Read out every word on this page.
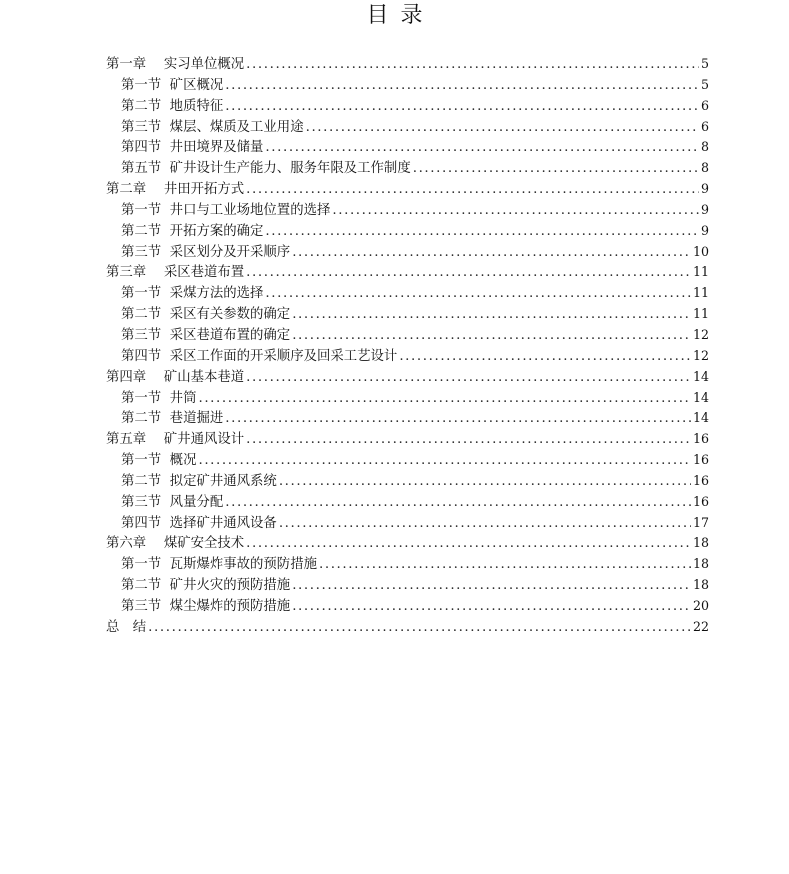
目录
第一章　 实习单位概况 .....	5
第一节  矿区概况 .....	5
第二节  地质特征 .....	6
第三节  煤层、煤质及工业用途 .....	6
第四节  井田境界及储量 .....	8
第五节  矿井设计生产能力、服务年限及工作制度 .....	8
第二章　 井田开拓方式 .....	9
第一节  井口与工业场地位置的选择 .....	9
第二节  开拓方案的确定 .....	9
第三节  采区划分及开采顺序 .....	10
第三章　 采区巷道布置 .....	11
第一节  采煤方法的选择 .....	11
第二节  采区有关参数的确定 .....	11
第三节  采区巷道布置的确定 .....	12
第四节  采区工作面的开采顺序及回采工艺设计 .....	12
第四章　 矿山基本巷道 .....	14
第一节  井筒 .....	14
第二节  巷道掘进 .....	14
第五章　 矿井通风设计 .....	16
第一节  概况 .....	16
第二节  拟定矿井通风系统 .....	16
第三节  风量分配 .....	16
第四节  选择矿井通风设备 .....	17
第六章　 煤矿安全技术 .....	18
第一节  瓦斯爆炸事故的预防措施 .....	18
第二节  矿井火灾的预防措施 .....	18
第三节  煤尘爆炸的预防措施 .....	20
总　结 .....	22
